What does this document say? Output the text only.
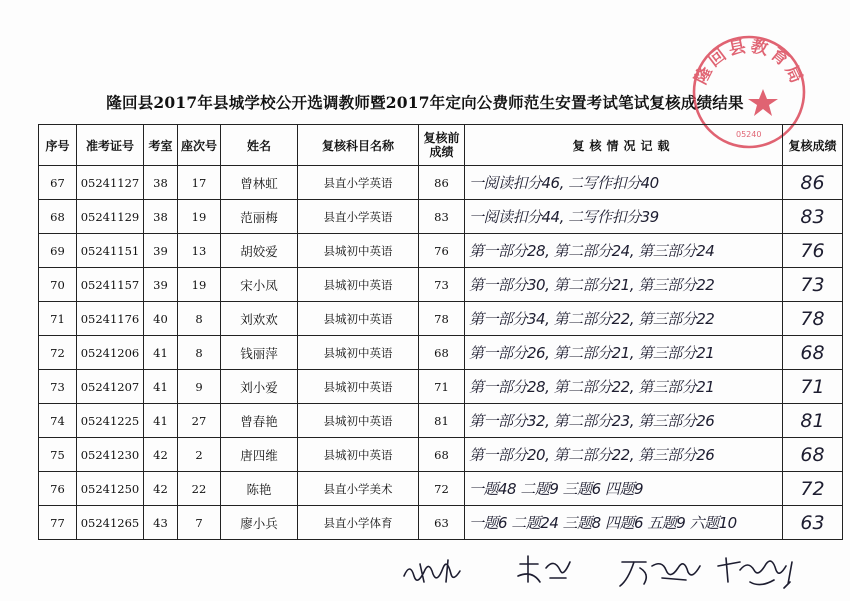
隆回县2017年县城学校公开选调教师暨2017年定向公费师范生安置考试笔试复核成绩结果
隆回县教育局
05240
序号	准考证号	考室	座次号	姓名	复核科目名称	复核前成绩	复核情况记载	复核成绩
67	05241127	38	17	曾林虹	县直小学英语	86	一阅读扣分46, 二写作扣分40	86
68	05241129	38	19	范丽梅	县直小学英语	83	一阅读扣分44, 二写作扣分39	83
69	05241151	39	13	胡姣爱	县城初中英语	76	第一部分28, 第二部分24, 第三部分24	76
70	05241157	39	19	宋小凤	县城初中英语	73	第一部分30, 第二部分21, 第三部分22	73
71	05241176	40	8	刘欢欢	县城初中英语	78	第一部分34, 第二部分22, 第三部分22	78
72	05241206	41	8	钱丽萍	县城初中英语	68	第一部分26, 第二部分21, 第三部分21	68
73	05241207	41	9	刘小爱	县城初中英语	71	第一部分28, 第二部分22, 第三部分21	71
74	05241225	41	27	曾春艳	县城初中英语	81	第一部分32, 第二部分23, 第三部分26	81
75	05241230	42	2	唐四维	县城初中英语	68	第一部分20, 第二部分22, 第三部分26	68
76	05241250	42	22	陈艳	县直小学美术	72	一题48 二题9 三题6 四题9	72
77	05241265	43	7	廖小兵	县直小学体育	63	一题6 二题24 三题8 四题6 五题9 六题10	63
